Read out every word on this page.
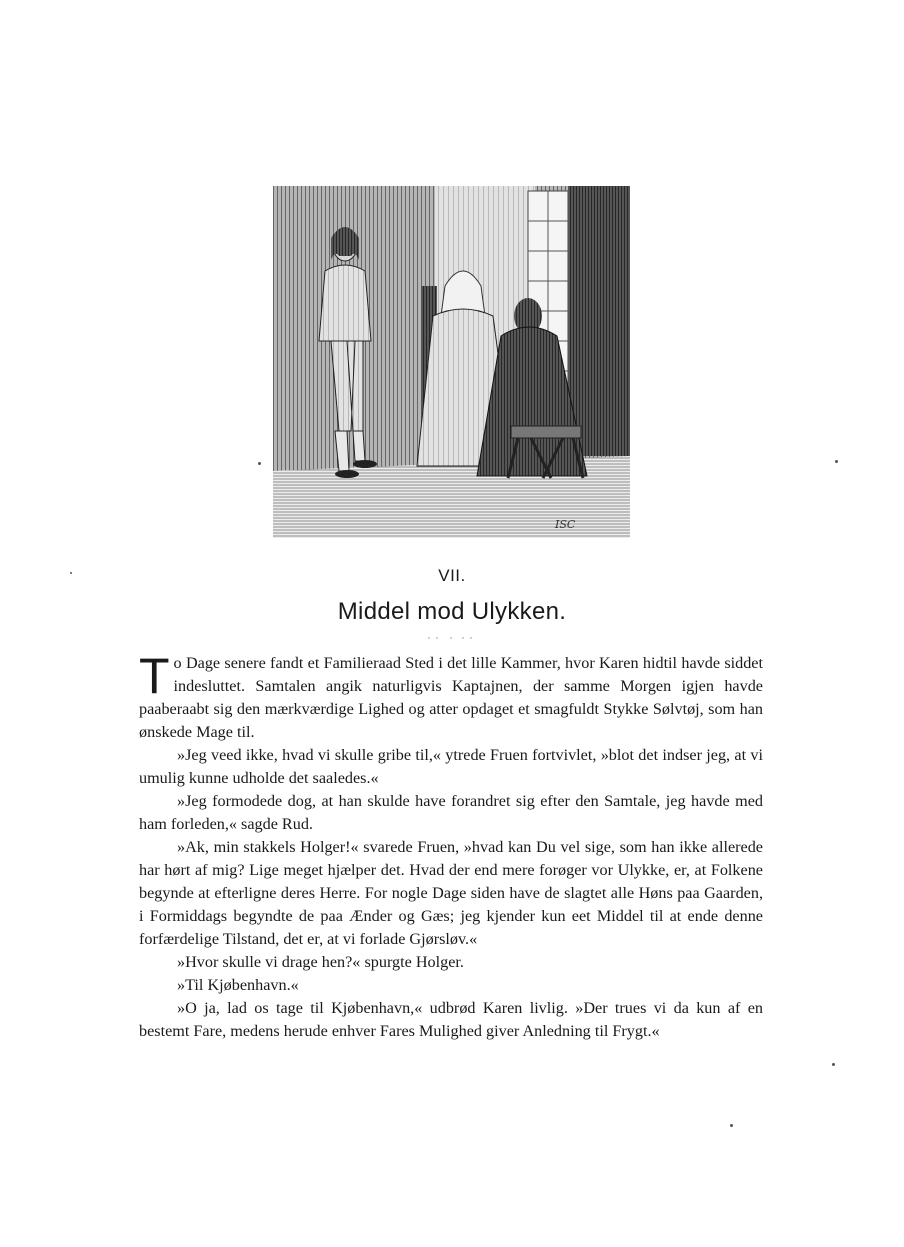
ISC
VII.
Middel mod Ulykken.

To Dage senere fandt et Familieraad Sted i det lille Kammer, hvor Karen hidtil havde siddet indesluttet. Samtalen angik naturligvis Kaptajnen, der samme Morgen igjen havde paaberaabt sig den mærkværdige Lighed og atter opdaget et smagfuldt Stykke Sølvtøj, som han ønskede Mage til.

»Jeg veed ikke, hvad vi skulle gribe til,« ytrede Fruen fortvivlet, »blot det indser jeg, at vi umulig kunne udholde det saaledes.«

»Jeg formodede dog, at han skulde have forandret sig efter den Samtale, jeg havde med ham forleden,« sagde Rud.

»Ak, min stakkels Holger!« svarede Fruen, »hvad kan Du vel sige, som han ikke allerede har hørt af mig? Lige meget hjælper det. Hvad der end mere forøger vor Ulykke, er, at Folkene begynde at efterligne deres Herre. For nogle Dage siden have de slagtet alle Høns paa Gaarden, i Formiddags begyndte de paa Ænder og Gæs; jeg kjender kun eet Middel til at ende denne forfærdelige Tilstand, det er, at vi forlade Gjørsløv.«

»Hvor skulle vi drage hen?« spurgte Holger.

»Til Kjøbenhavn.«

»O ja, lad os tage til Kjøbenhavn,« udbrød Karen livlig. »Der trues vi da kun af en bestemt Fare, medens herude enhver Fares Mulighed giver Anledning til Frygt.«
